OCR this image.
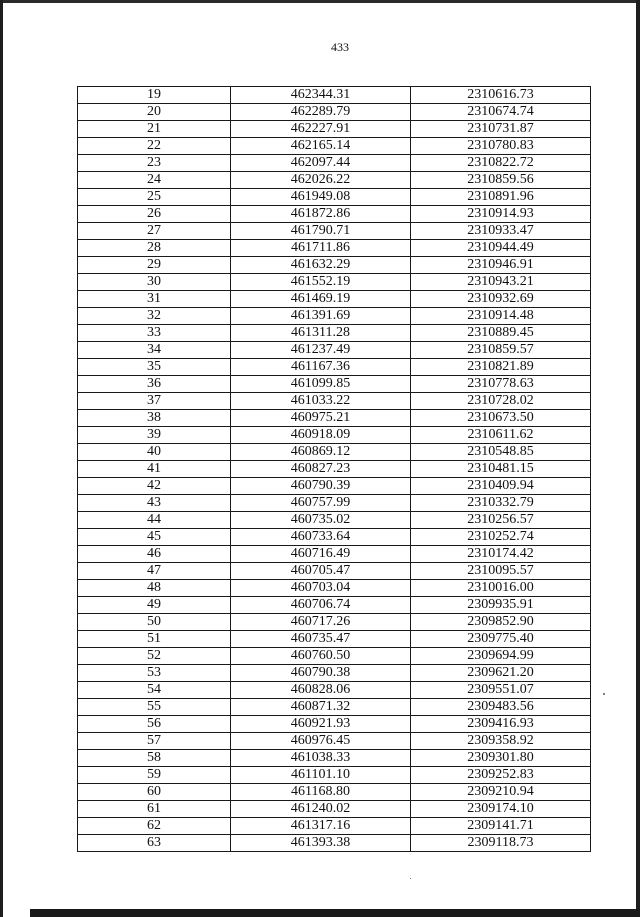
433
19	462344.31	2310616.73
20	462289.79	2310674.74
21	462227.91	2310731.87
22	462165.14	2310780.83
23	462097.44	2310822.72
24	462026.22	2310859.56
25	461949.08	2310891.96
26	461872.86	2310914.93
27	461790.71	2310933.47
28	461711.86	2310944.49
29	461632.29	2310946.91
30	461552.19	2310943.21
31	461469.19	2310932.69
32	461391.69	2310914.48
33	461311.28	2310889.45
34	461237.49	2310859.57
35	461167.36	2310821.89
36	461099.85	2310778.63
37	461033.22	2310728.02
38	460975.21	2310673.50
39	460918.09	2310611.62
40	460869.12	2310548.85
41	460827.23	2310481.15
42	460790.39	2310409.94
43	460757.99	2310332.79
44	460735.02	2310256.57
45	460733.64	2310252.74
46	460716.49	2310174.42
47	460705.47	2310095.57
48	460703.04	2310016.00
49	460706.74	2309935.91
50	460717.26	2309852.90
51	460735.47	2309775.40
52	460760.50	2309694.99
53	460790.38	2309621.20
54	460828.06	2309551.07
55	460871.32	2309483.56
56	460921.93	2309416.93
57	460976.45	2309358.92
58	461038.33	2309301.80
59	461101.10	2309252.83
60	461168.80	2309210.94
61	461240.02	2309174.10
62	461317.16	2309141.71
63	461393.38	2309118.73
